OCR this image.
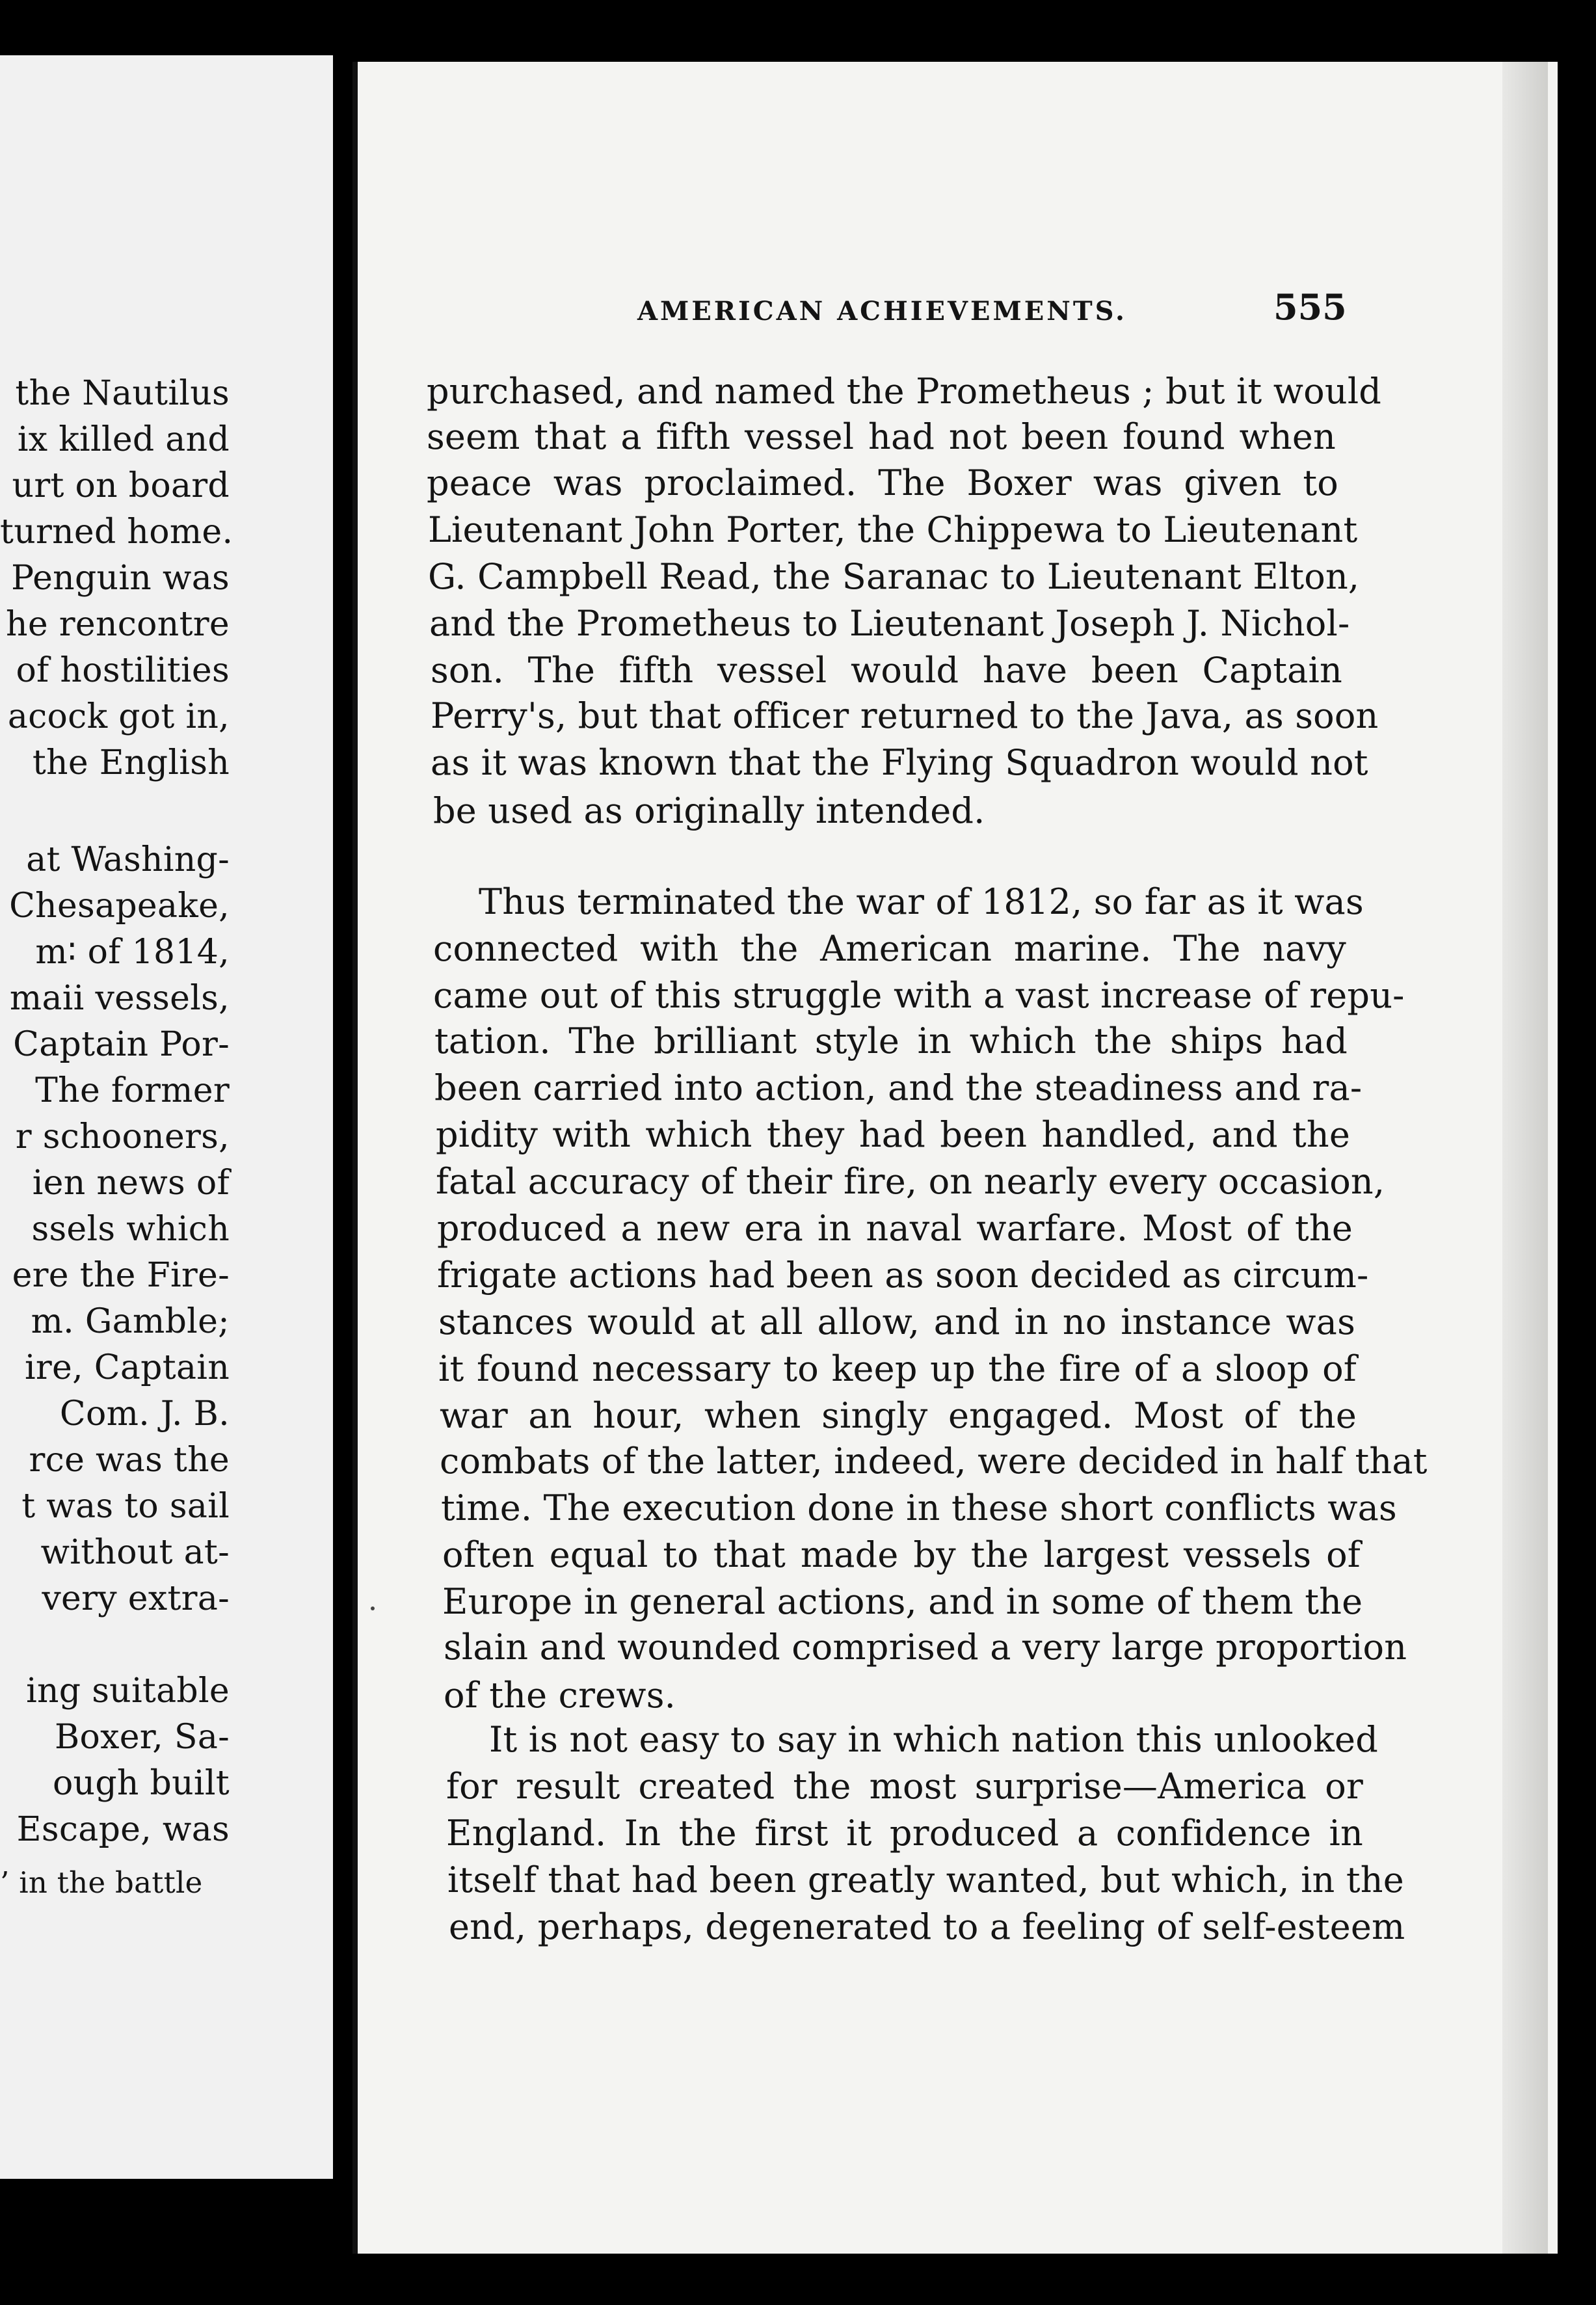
the Nautilus
ix killed and
urt on board
turned home.
Penguin was
he rencontre
of hostilities
acock got in,
the English
at Washing-
Chesapeake,
m∶ of 1814,
maii vessels,
Captain Por-
The former
r schooners,
ien news of
ssels which
ere the Fire-
m. Gamble;
ire, Captain
Com. J. B.
rce was the
t was to sail
without at-
very extra-
ing suitable
Boxer, Sa-
ough built
Escape, was
’ in the battle
AMERICAN ACHIEVEMENTS.	555
purchased, and named the Prometheus ; but it would
seem that a fifth vessel had not been found when
peace was proclaimed. The Boxer was given to
Lieutenant John Porter, the Chippewa to Lieutenant
G. Campbell Read, the Saranac to Lieutenant Elton,
and the Prometheus to Lieutenant Joseph J. Nichol-
son. The fifth vessel would have been Captain
Perry's, but that officer returned to the Java, as soon
as it was known that the Flying Squadron would not
be used as originally intended.
Thus terminated the war of 1812, so far as it was
connected with the American marine. The navy
came out of this struggle with a vast increase of repu-
tation. The brilliant style in which the ships had
been carried into action, and the steadiness and ra-
pidity with which they had been handled, and the
fatal accuracy of their fire, on nearly every occasion,
produced a new era in naval warfare. Most of the
frigate actions had been as soon decided as circum-
stances would at all allow, and in no instance was
it found necessary to keep up the fire of a sloop of
war an hour, when singly engaged. Most of the
combats of the latter, indeed, were decided in half that
time. The execution done in these short conflicts was
often equal to that made by the largest vessels of
Europe in general actions, and in some of them the
slain and wounded comprised a very large proportion
of the crews.
It is not easy to say in which nation this unlooked
for result created the most surprise—America or
England. In the first it produced a confidence in
itself that had been greatly wanted, but which, in the
end, perhaps, degenerated to a feeling of self-esteem
